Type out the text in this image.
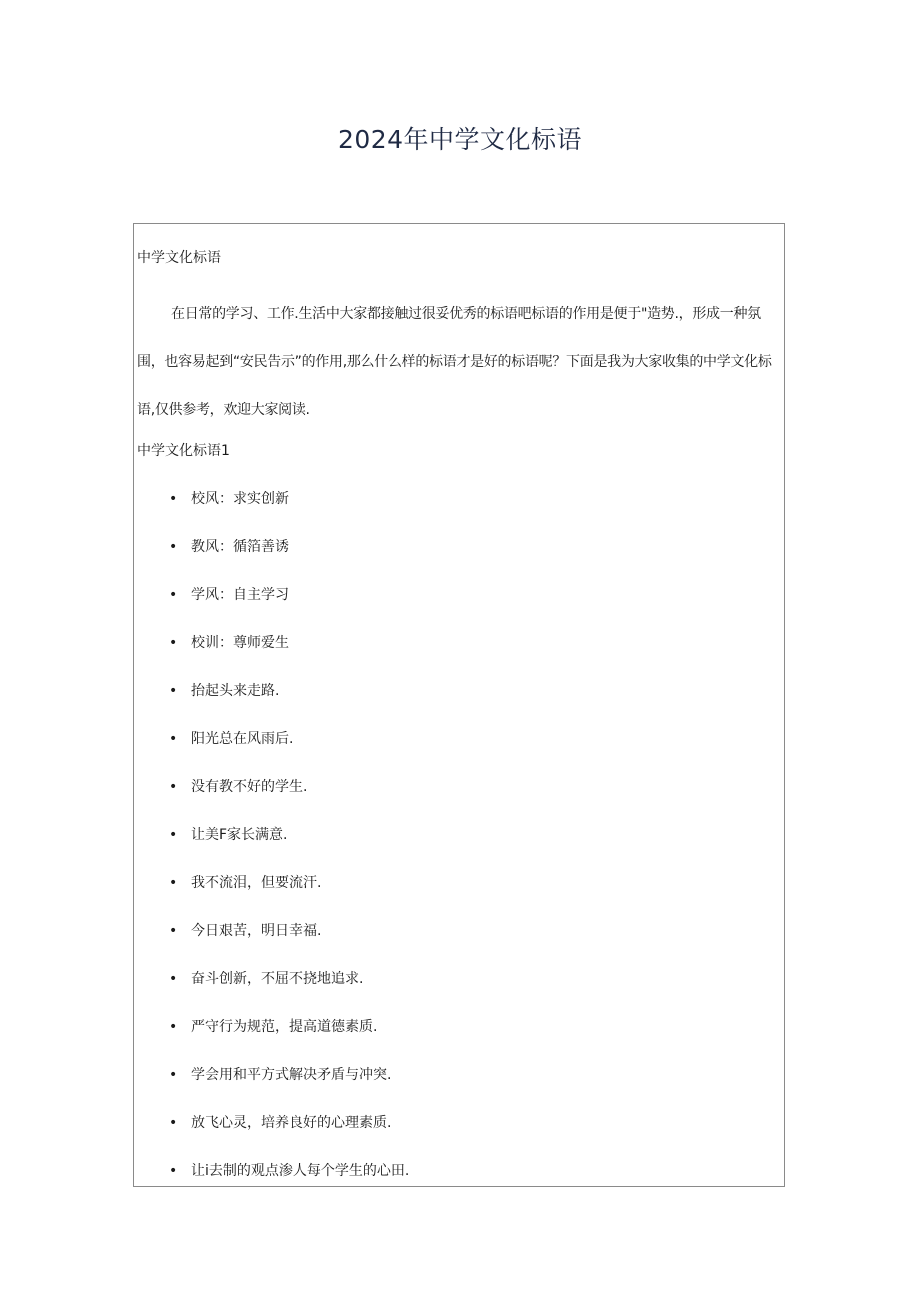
2024年中学文化标语
中学文化标语

在日常的学习、工作.生活中大家都接触过很妥优秀的标语吧标语的作用是便于"造势.，形成一种氛围，也容易起到“安民告示”的作用,那么什么样的标语才是好的标语呢？下面是我为大家收集的中学文化标语,仅供参考，欢迎大家阅读.

中学文化标语1
• 校风：求实创新
• 教风：循箔善诱
• 学风：自主学习
• 校训：尊师爱生
• 抬起头来走路.
• 阳光总在风雨后.
• 没有教不好的学生.
• 让美F家长满意.
• 我不流泪，但要流汗.
• 今日艰苦，明日幸福.
• 奋斗创新，不屈不挠地追求.
• 严守行为规范，提高道德素质.
• 学会用和平方式解决矛盾与冲突.
• 放飞心灵，培养良好的心理素质.
• 让i去制的观点渗人每个学生的心田.
